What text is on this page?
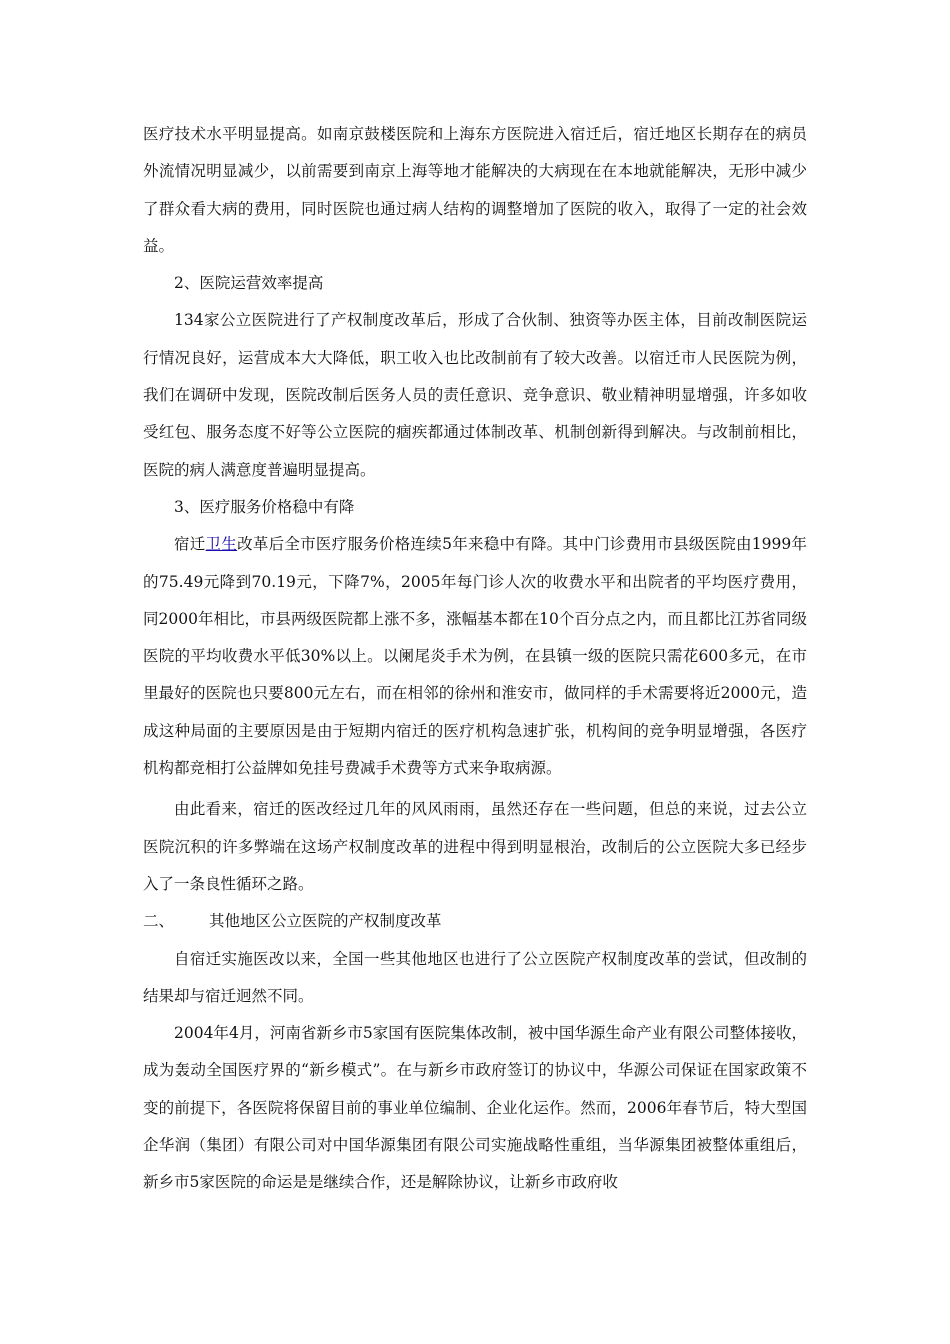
医疗技术水平明显提高。如南京鼓楼医院和上海东方医院进入宿迁后，宿迁地区长期存在的病员外流情况明显减少，以前需要到南京上海等地才能解决的大病现在在本地就能解决，无形中减少了群众看大病的费用，同时医院也通过病人结构的调整增加了医院的收入，取得了一定的社会效益。

2、医院运营效率提高

134家公立医院进行了产权制度改革后，形成了合伙制、独资等办医主体，目前改制医院运行情况良好，运营成本大大降低，职工收入也比改制前有了较大改善。以宿迁市人民医院为例，我们在调研中发现，医院改制后医务人员的责任意识、竞争意识、敬业精神明显增强，许多如收受红包、服务态度不好等公立医院的痼疾都通过体制改革、机制创新得到解决。与改制前相比，医院的病人满意度普遍明显提高。

3、医疗服务价格稳中有降

宿迁卫生改革后全市医疗服务价格连续5年来稳中有降。其中门诊费用市县级医院由1999年的75.49元降到70.19元，下降7%，2005年每门诊人次的收费水平和出院者的平均医疗费用，同2000年相比，市县两级医院都上涨不多，涨幅基本都在10个百分点之内，而且都比江苏省同级医院的平均收费水平低30%以上。以阑尾炎手术为例，在县镇一级的医院只需花600多元，在市里最好的医院也只要800元左右，而在相邻的徐州和淮安市，做同样的手术需要将近2000元，造成这种局面的主要原因是由于短期内宿迁的医疗机构急速扩张，机构间的竞争明显增强，各医疗机构都竞相打公益牌如免挂号费减手术费等方式来争取病源。

由此看来，宿迁的医改经过几年的风风雨雨，虽然还存在一些问题，但总的来说，过去公立医院沉积的许多弊端在这场产权制度改革的进程中得到明显根治，改制后的公立医院大多已经步入了一条良性循环之路。

二、 其他地区公立医院的产权制度改革

自宿迁实施医改以来，全国一些其他地区也进行了公立医院产权制度改革的尝试，但改制的结果却与宿迁迥然不同。

2004年4月，河南省新乡市5家国有医院集体改制，被中国华源生命产业有限公司整体接收，成为轰动全国医疗界的“新乡模式”。在与新乡市政府签订的协议中，华源公司保证在国家政策不变的前提下，各医院将保留目前的事业单位编制、企业化运作。然而，2006年春节后，特大型国企华润（集团）有限公司对中国华源集团有限公司实施战略性重组，当华源集团被整体重组后，新乡市5家医院的命运是是继续合作，还是解除协议，让新乡市政府收
